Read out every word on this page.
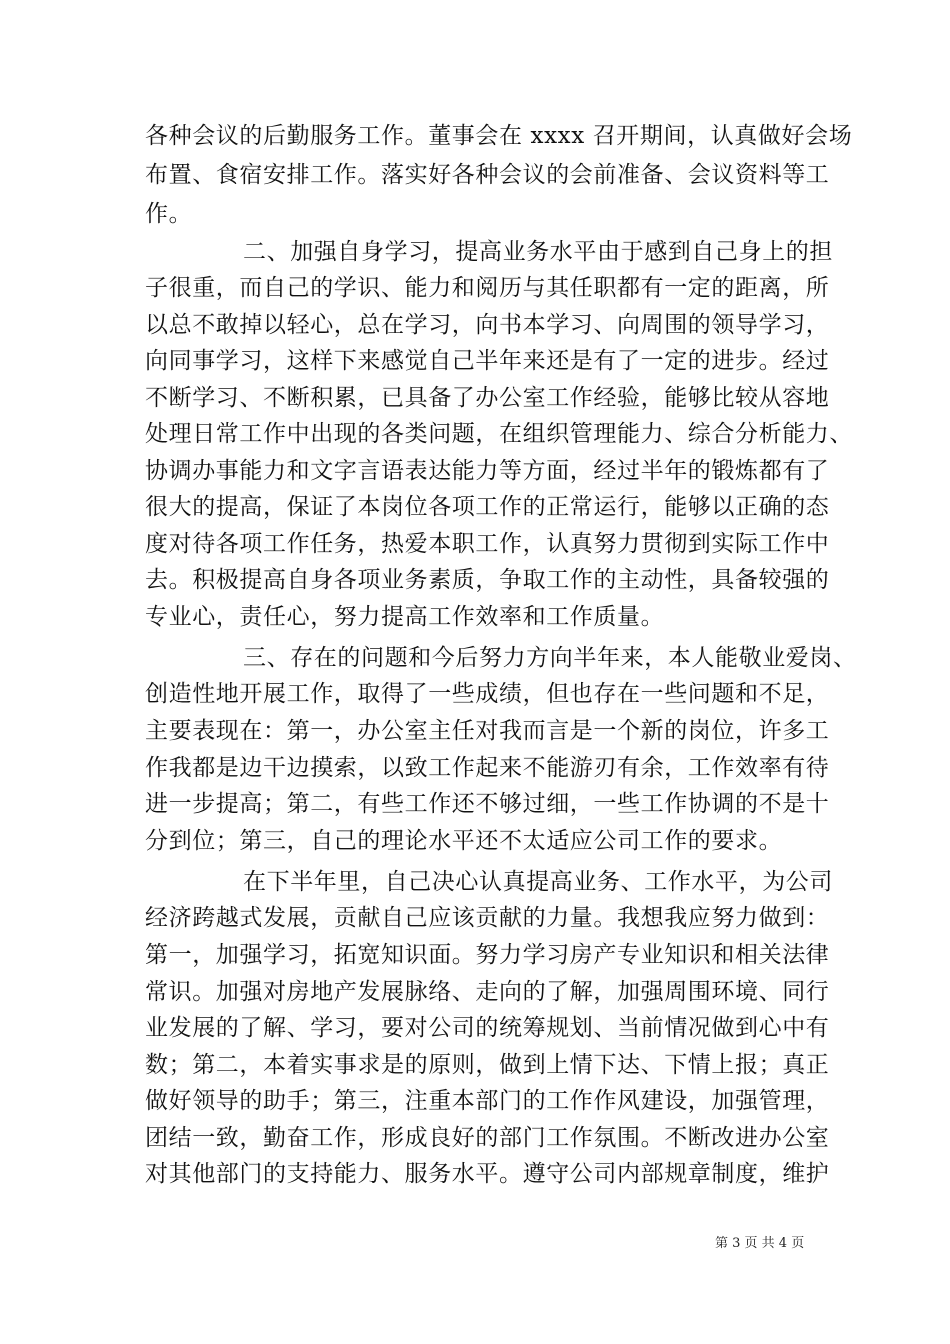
各种会议的后勤服务工作。董事会在 xxxx 召开期间，认真做好会场
布置、食宿安排工作。落实好各种会议的会前准备、会议资料等工
作。
二、加强自身学习，提高业务水平由于感到自己身上的担
子很重，而自己的学识、能力和阅历与其任职都有一定的距离，所
以总不敢掉以轻心，总在学习，向书本学习、向周围的领导学习，
向同事学习，这样下来感觉自己半年来还是有了一定的进步。经过
不断学习、不断积累，已具备了办公室工作经验，能够比较从容地
处理日常工作中出现的各类问题，在组织管理能力、综合分析能力、
协调办事能力和文字言语表达能力等方面，经过半年的锻炼都有了
很大的提高，保证了本岗位各项工作的正常运行，能够以正确的态
度对待各项工作任务，热爱本职工作，认真努力贯彻到实际工作中
去。积极提高自身各项业务素质，争取工作的主动性，具备较强的
专业心，责任心，努力提高工作效率和工作质量。
三、存在的问题和今后努力方向半年来，本人能敬业爱岗、
创造性地开展工作，取得了一些成绩，但也存在一些问题和不足，
主要表现在：第一，办公室主任对我而言是一个新的岗位，许多工
作我都是边干边摸索，以致工作起来不能游刃有余，工作效率有待
进一步提高；第二，有些工作还不够过细，一些工作协调的不是十
分到位；第三，自己的理论水平还不太适应公司工作的要求。
在下半年里，自己决心认真提高业务、工作水平，为公司
经济跨越式发展，贡献自己应该贡献的力量。我想我应努力做到：
第一，加强学习，拓宽知识面。努力学习房产专业知识和相关法律
常识。加强对房地产发展脉络、走向的了解，加强周围环境、同行
业发展的了解、学习，要对公司的统筹规划、当前情况做到心中有
数；第二，本着实事求是的原则，做到上情下达、下情上报；真正
做好领导的助手；第三，注重本部门的工作作风建设，加强管理，
团结一致，勤奋工作，形成良好的部门工作氛围。不断改进办公室
对其他部门的支持能力、服务水平。遵守公司内部规章制度，维护
第 3 页 共 4 页
